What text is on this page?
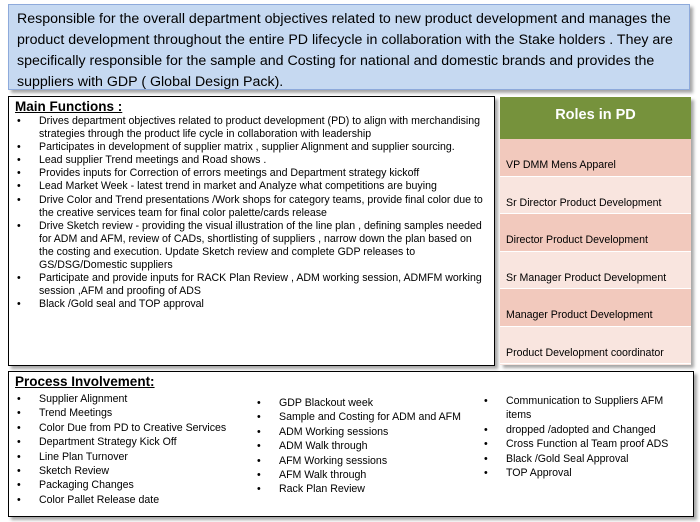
Responsible for the overall department objectives related to new product development and manages the product development throughout the entire PD lifecycle in collaboration with the Stake holders . They are specifically responsible for the sample and Costing for national and domestic brands and provides the suppliers with GDP ( Global Design Pack).
Main Functions :
• Drives department objectives related to product development (PD) to align with merchandising strategies through the product life cycle in collaboration with leadership
• Participates in development of supplier matrix , supplier Alignment and supplier sourcing.
• Lead supplier Trend meetings and Road shows .
• Provides inputs for Correction of errors meetings and Department strategy kickoff
• Lead Market Week - latest trend in market and Analyze what competitions are buying
• Drive Color and Trend presentations /Work shops for category teams, provide final color due to the creative services team for final color palette/cards release
• Drive Sketch review - providing the visual illustration of the line plan , defining samples needed for ADM and AFM, review of CADs, shortlisting of suppliers , narrow down the plan based on the costing and execution. Update Sketch review and complete GDP releases to GS/DSG/Domestic suppliers
• Participate and provide inputs for RACK Plan Review , ADM working session, ADMFM working session ,AFM and proofing of ADS
• Black /Gold seal and TOP approval
Roles in PD
VP DMM Mens Apparel
Sr Director Product Development
Director Product Development
Sr Manager Product Development
Manager Product Development
Product Development coordinator
Process Involvement:
• Supplier Alignment
• Trend Meetings
• Color Due from PD to Creative Services
• Department Strategy Kick Off
• Line Plan Turnover
• Sketch Review
• Packaging Changes
• Color Pallet Release date
• GDP Blackout week
• Sample and Costing for ADM and AFM
• ADM Working sessions
• ADM Walk through
• AFM Working sessions
• AFM Walk through
• Rack Plan Review
• Communication to Suppliers AFM items
• dropped /adopted and Changed
• Cross Function al Team proof ADS
• Black /Gold Seal Approval
• TOP Approval
